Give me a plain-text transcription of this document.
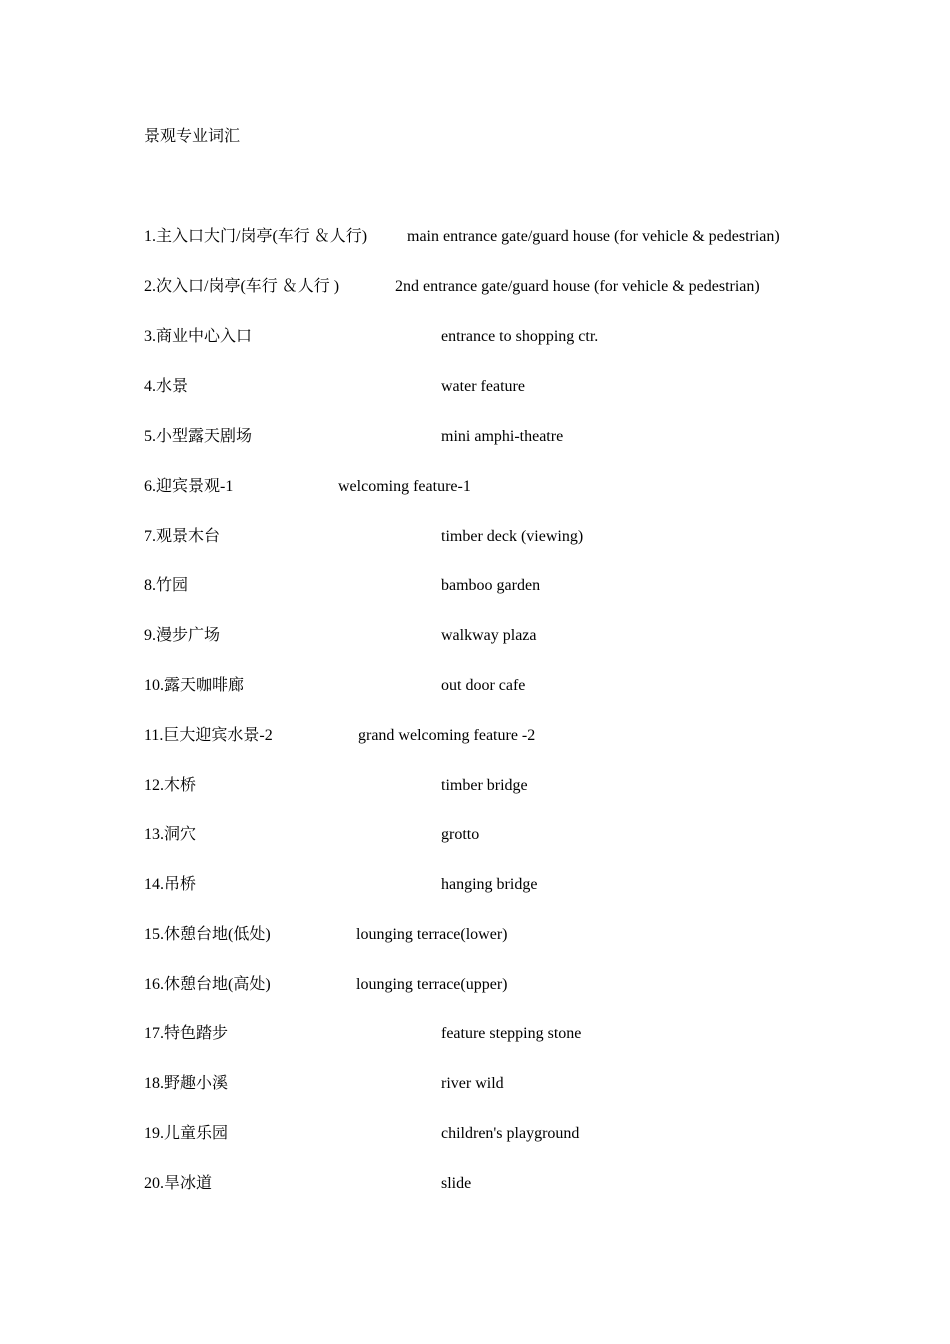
景观专业词汇
1.主入口大门/岗亭(车行 ＆人行) main entrance gate/guard house (for vehicle & pedestrian)
2.次入口/岗亭(车行 ＆人行 )	2nd entrance gate/guard house (for vehicle & pedestrian)
3.商业中心入口	entrance to shopping ctr.
4.水景	water feature
5.小型露天剧场	mini amphi-theatre
6.迎宾景观-1	welcoming feature-1
7.观景木台	timber deck (viewing)
8.竹园	bamboo garden
9.漫步广场	walkway plaza
10.露天咖啡廊	out door cafe
11.巨大迎宾水景-2	grand welcoming feature -2
12.木桥	timber bridge
13.洞穴	grotto
14.吊桥	hanging bridge
15.休憩台地(低处)	lounging terrace(lower)
16.休憩台地(高处)	lounging terrace(upper)
17.特色踏步	feature stepping stone
18.野趣小溪	river wild
19.儿童乐园	children's playground
20.旱冰道	slide
